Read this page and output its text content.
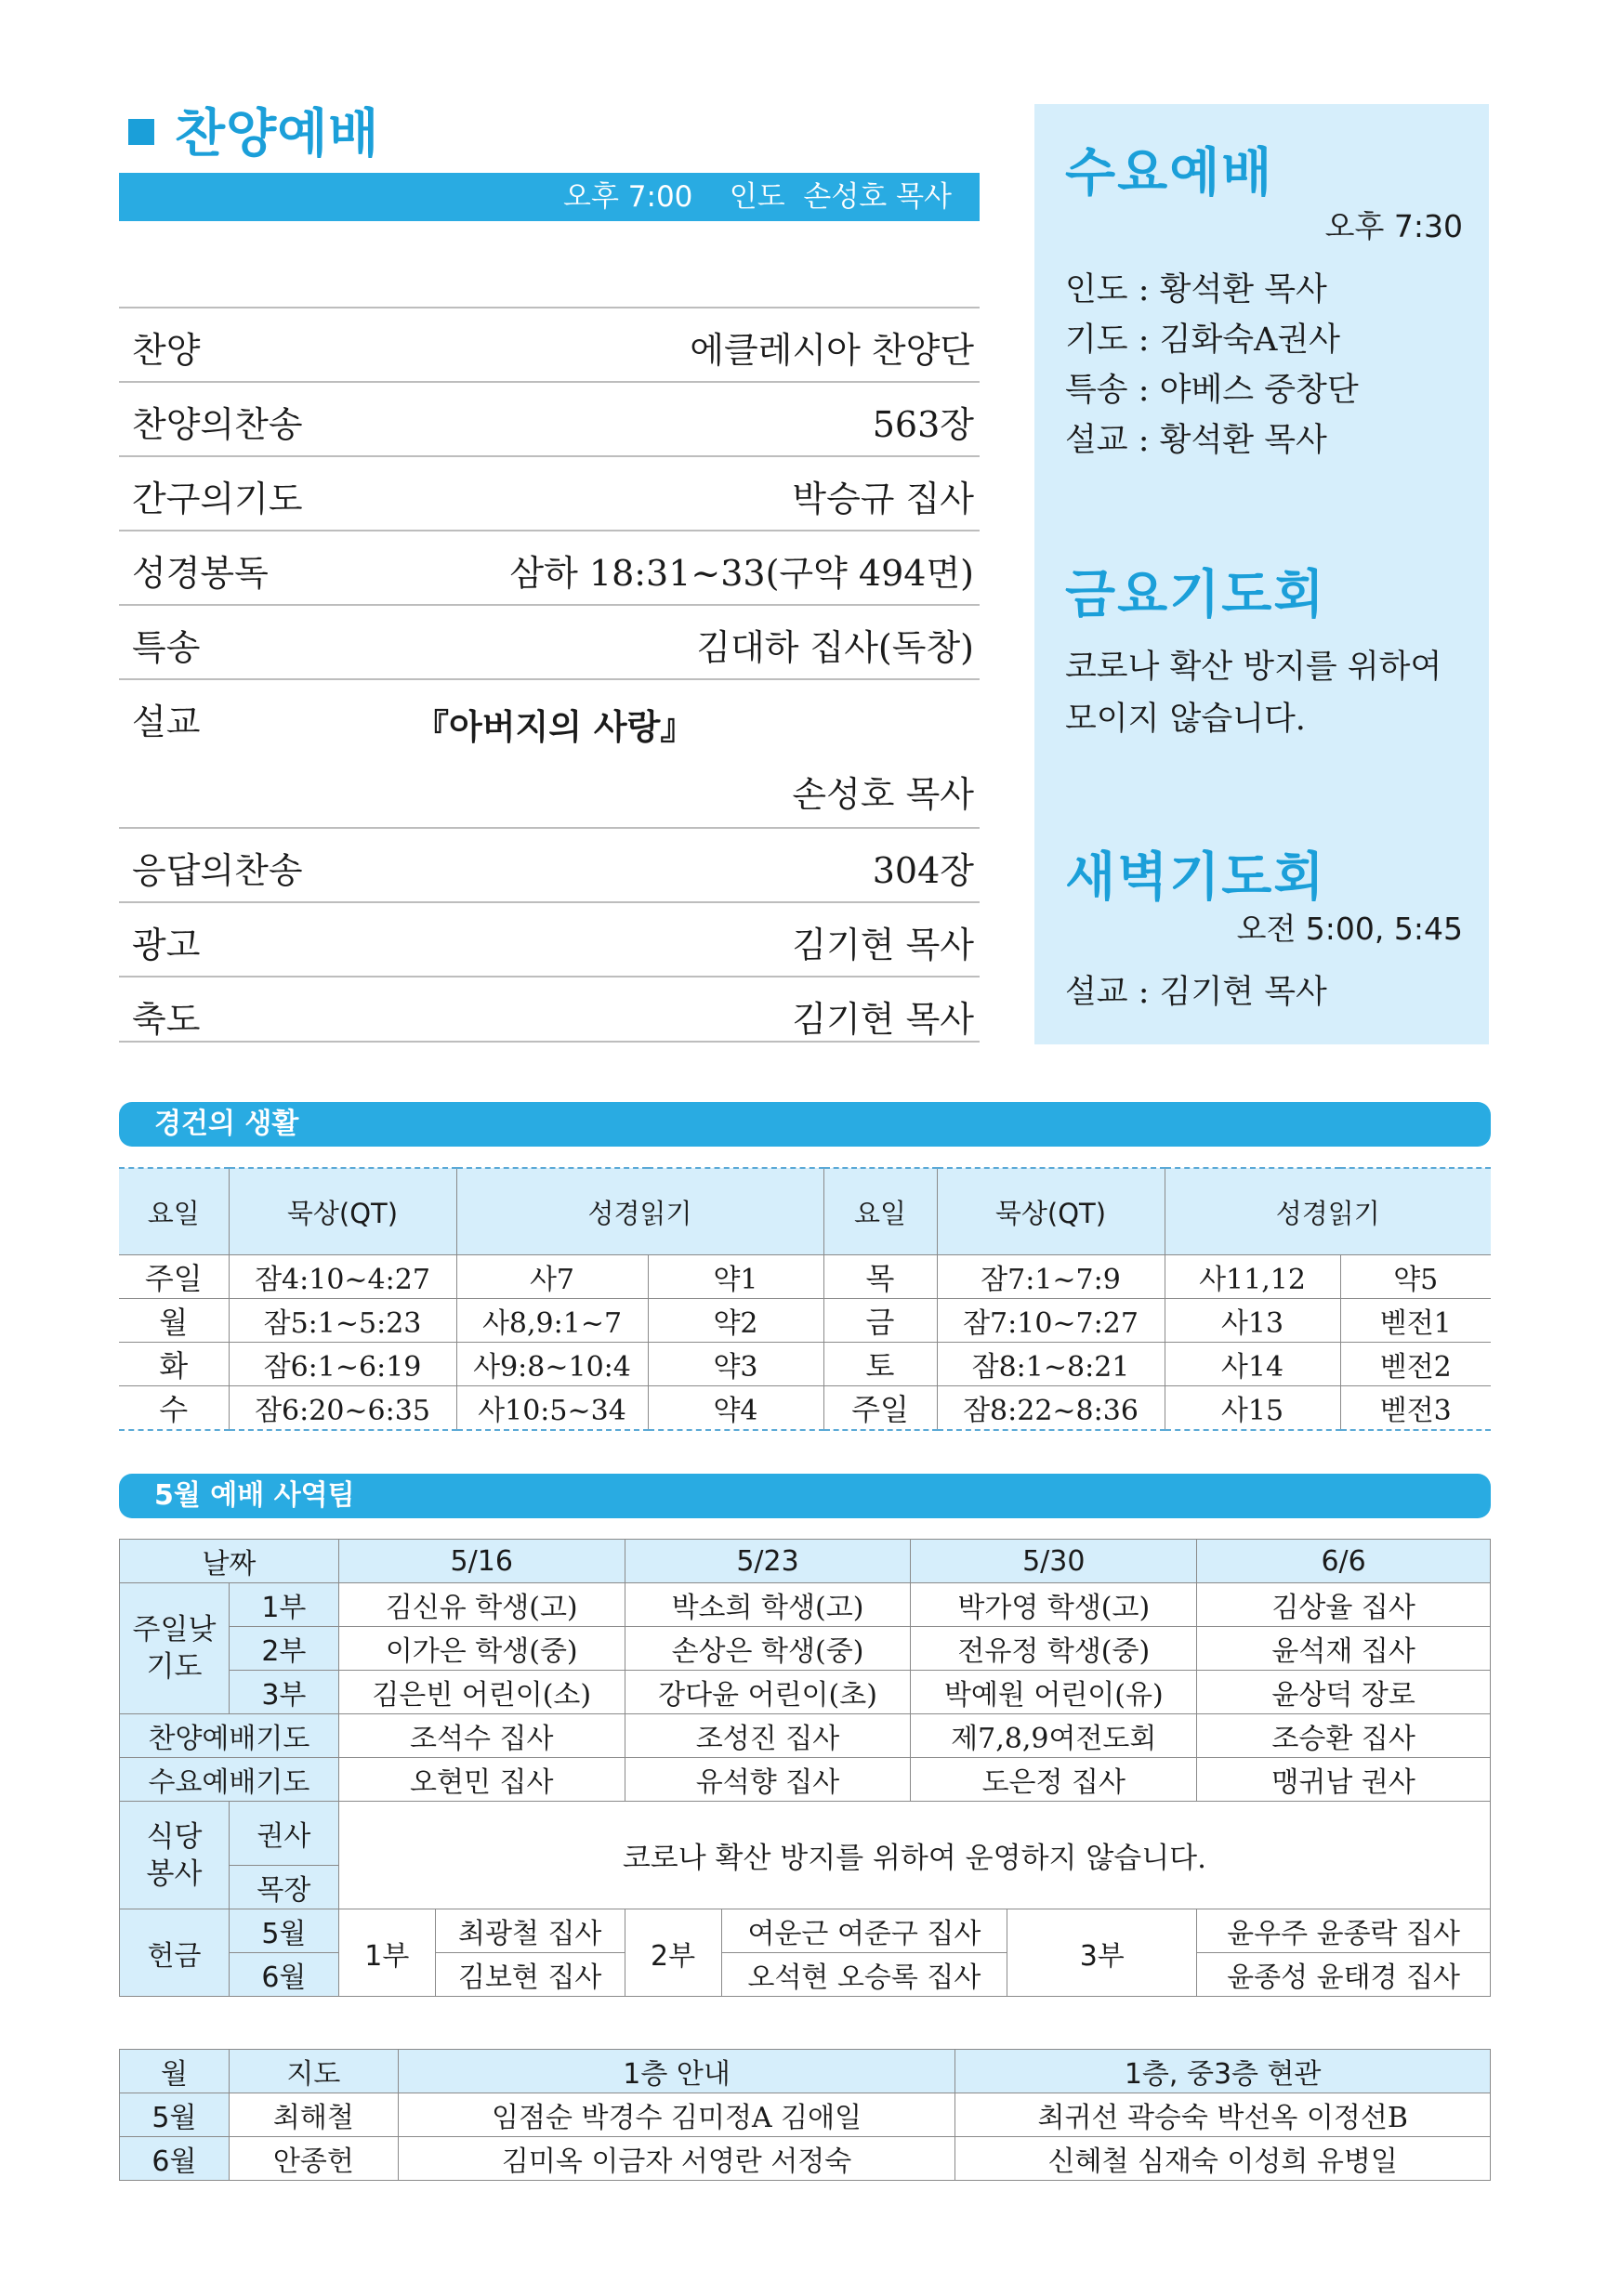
찬양예배
오후 7:00    인도  손성호 목사
찬양	에클레시아 찬양단
찬양의찬송	563장
간구의기도	박승규 집사
성경봉독	삼하 18:31~33(구약 494면)
특송	김대하 집사(독창)
설교	『아버지의 사랑』
손성호 목사
응답의찬송	304장
광고	김기현 목사
축도	김기현 목사
수요예배
오후 7:30
인도 : 황석환 목사
기도 : 김화숙A권사
특송 : 야베스 중창단
설교 : 황석환 목사
금요기도회
코로나 확산 방지를 위하여
모이지 않습니다.
새벽기도회
오전 5:00, 5:45
설교 : 김기현 목사
경건의 생활
요일	묵상(QT)	성경읽기		요일	묵상(QT)	성경읽기	
주일	잠4:10~4:27	사7	약1	목	잠7:1~7:9	사11,12	약5
월	잠5:1~5:23	사8,9:1~7	약2	금	잠7:10~7:27	사13	벧전1
화	잠6:1~6:19	사9:8~10:4	약3	토	잠8:1~8:21	사14	벧전2
수	잠6:20~6:35	사10:5~34	약4	주일	잠8:22~8:36	사15	벧전3
5월 예배 사역팀
날짜		5/16		5/23		5/30		6/6
주일낮 기도	1부	김신유 학생(고)		박소희 학생(고)		박가영 학생(고)		김상율 집사
	2부	이가은 학생(중)		손상은 학생(중)		전유정 학생(중)		윤석재 집사
	3부	김은빈 어린이(소)		강다윤 어린이(초)		박예원 어린이(유)		윤상덕 장로
찬양예배기도		조석수 집사		조성진 집사		제7,8,9여전도회		조승환 집사
수요예배기도		오현민 집사		유석향 집사		도은정 집사		맹귀남 권사
식당 봉사	권사	코로나 확산 방지를 위하여 운영하지 않습니다.						
	목장							
헌금	5월	1부	최광철 집사	2부	여운근 여준구 집사		3부	윤우주 윤종락 집사
	6월		김보현 집사		오석현 오승록 집사			윤종성 윤태경 집사
월	지도	1층 안내	1층, 중3층 현관
5월	최해철	임점순 박경수 김미정A 김애일	최귀선 곽승숙 박선옥 이정선B
6월	안종헌	김미옥 이금자 서영란 서정숙	신혜철 심재숙 이성희 유병일
